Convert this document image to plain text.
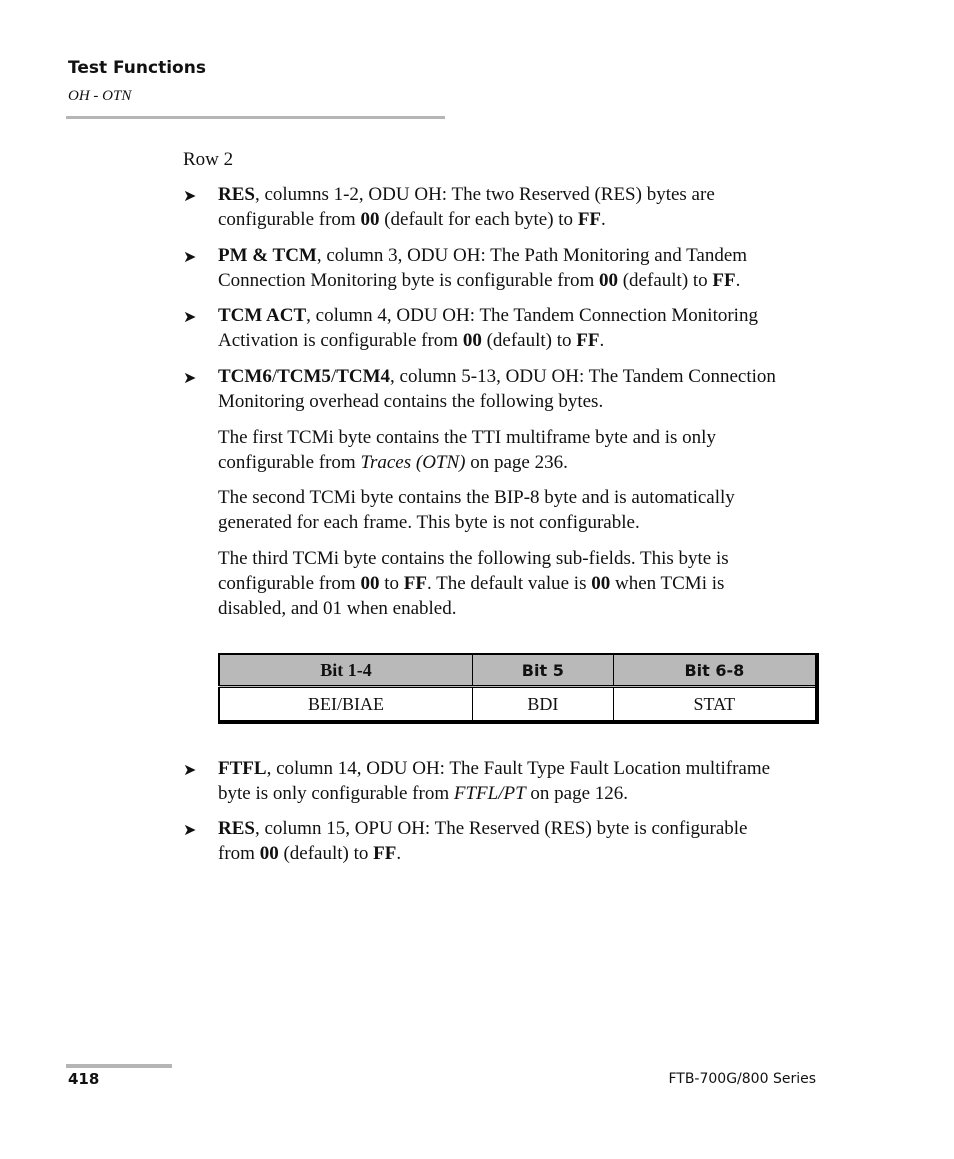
Test Functions
OH - OTN
Row 2
➤ RES, columns 1-2, ODU OH: The two Reserved (RES) bytes are
configurable from 00 (default for each byte) to FF.
➤ PM & TCM, column 3, ODU OH: The Path Monitoring and Tandem
Connection Monitoring byte is configurable from 00 (default) to FF.
➤ TCM ACT, column 4, ODU OH: The Tandem Connection Monitoring
Activation is configurable from 00 (default) to FF.
➤ TCM6/TCM5/TCM4, column 5-13, ODU OH: The Tandem Connection
Monitoring overhead contains the following bytes.
The first TCMi byte contains the TTI multiframe byte and is only
configurable from Traces (OTN) on page 236.
The second TCMi byte contains the BIP-8 byte and is automatically
generated for each frame. This byte is not configurable.
The third TCMi byte contains the following sub-fields. This byte is
configurable from 00 to FF. The default value is 00 when TCMi is
disabled, and 01 when enabled.
Bit 1-4	Bit 5	Bit 6-8
BEI/BIAE	BDI	STAT
➤ FTFL, column 14, ODU OH: The Fault Type Fault Location multiframe
byte is only configurable from FTFL/PT on page 126.
➤ RES, column 15, OPU OH: The Reserved (RES) byte is configurable
from 00 (default) to FF.
418	FTB-700G/800 Series
